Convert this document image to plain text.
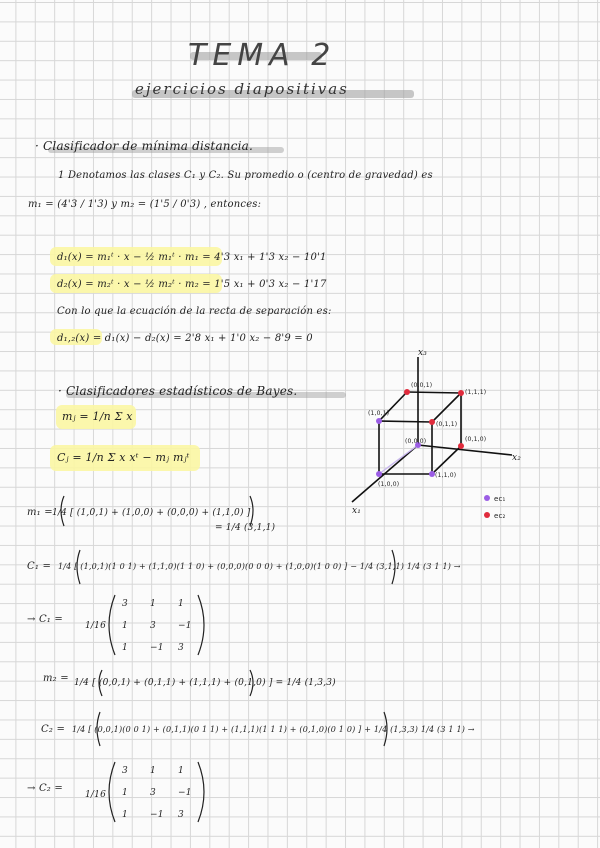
TEMA 2
ejercicios diapositivas
· Clasificador de mínima distancia.
1 Denotamos las clases C₁ y C₂. Su promedio o (centro de gravedad) es
m₁ = (4'3 / 1'3) y m₂ = (1'5 / 0'3) , entonces:
d₁(x) = m₁ᵗ · x − ½ m₁ᵗ · m₁ = 4'3 x₁ + 1'3 x₂ − 10'1
d₂(x) = m₂ᵗ · x − ½ m₂ᵗ · m₂ = 1'5 x₁ + 0'3 x₂ − 1'17
Con lo que la ecuación de la recta de separación es:
d₁,₂(x) = d₁(x) − d₂(x) = 2'8 x₁ + 1'0 x₂ − 8'9 = 0
· Clasificadores estadísticos de Bayes.
mⱼ = 1/n Σ x
Cⱼ = 1/n Σ x xᵗ − mⱼ mⱼᵗ
x₃
x₂
x₁
(0,0,1)
(1,1,1)
(1,0,1)
(0,1,1)
(0,0,0)	(0,1,0)
(1,1,0)
(1,0,0)
ec₁
ec₂
m₁ = 1/4 [ (1,0,1) + (1,0,0) + (0,0,0) + (1,1,0) ]
= 1/4 (3,1,1)
C₁ = 1/4 [ (1,0,1)(1 0 1) + (1,1,0)(1 1 0) + (0,0,0)(0 0 0) + (1,0,0)(1 0 0) ] − 1/4 (3,1,1) 1/4 (3 1 1) →
→ C₁ =
1/16
3 1 1
1 3 −1
1 −1 3
m₂ = 1/4 [ (0,0,1) + (0,1,1) + (1,1,1) + (0,1,0) ] = 1/4 (1,3,3)
C₂ = 1/4 [ (0,0,1)(0 0 1) + (0,1,1)(0 1 1) + (1,1,1)(1 1 1) + (0,1,0)(0 1 0) ] + 1/4 (1,3,3) 1/4 (3 1 1) →
→ C₂ =
1/16
3 1 1
1 3 −1
1 −1 3
